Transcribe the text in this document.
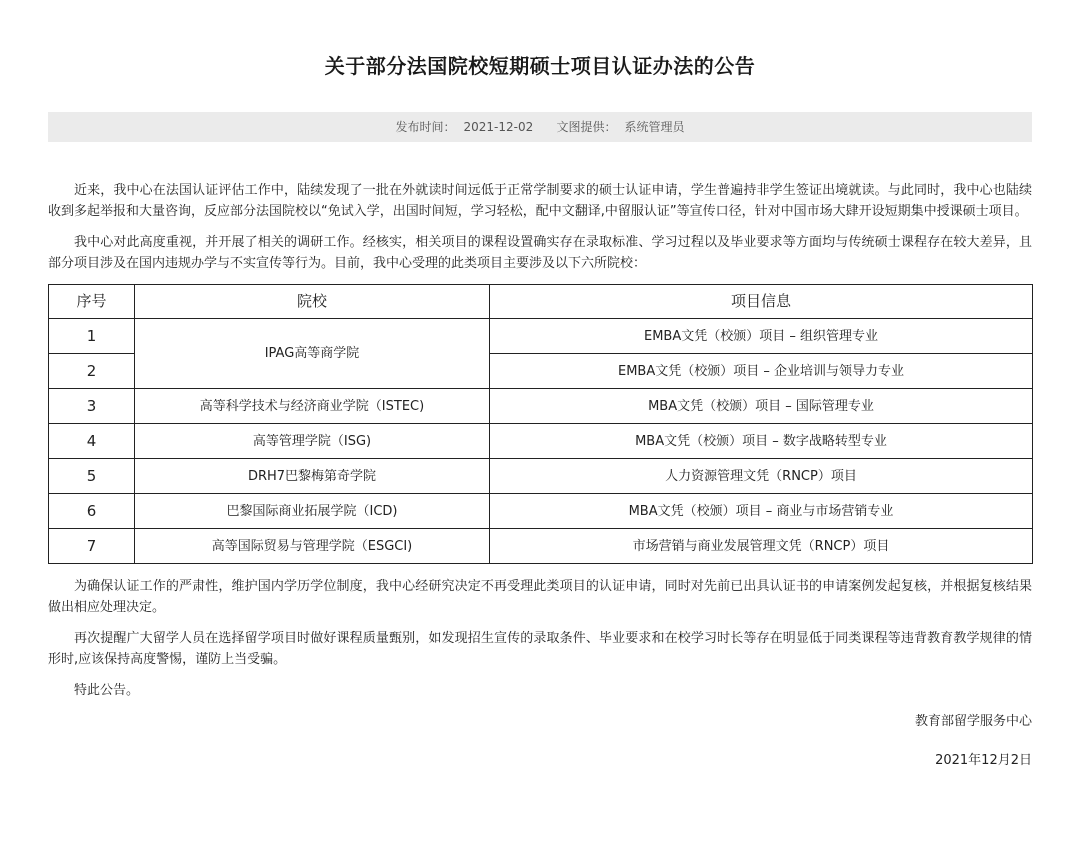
关于部分法国院校短期硕士项目认证办法的公告
发布时间： 2021-12-02 文图提供： 系统管理员

近来，我中心在法国认证评估工作中，陆续发现了一批在外就读时间远低于正常学制要求的硕士认证申请，学生普遍持非学生签证出境就读。与此同时，我中心也陆续收到多起举报和大量咨询，反应部分法国院校以“免试入学，出国时间短，学习轻松，配中文翻译,中留服认证”等宣传口径，针对中国市场大肆开设短期集中授课硕士项目。

我中心对此高度重视，并开展了相关的调研工作。经核实，相关项目的课程设置确实存在录取标准、学习过程以及毕业要求等方面均与传统硕士课程存在较大差异，且部分项目涉及在国内违规办学与不实宣传等行为。目前，我中心受理的此类项目主要涉及以下六所院校：

序号	院校	项目信息
1	IPAG高等商学院	EMBA文凭（校颁）项目 – 组织管理专业
2		EMBA文凭（校颁）项目 – 企业培训与领导力专业
3	高等科学技术与经济商业学院（ISTEC)	MBA文凭（校颁）项目 – 国际管理专业
4	高等管理学院（ISG)	MBA文凭（校颁）项目 – 数字战略转型专业
5	DRH7巴黎梅第奇学院	人力资源管理文凭（RNCP）项目
6	巴黎国际商业拓展学院（ICD)	MBA文凭（校颁）项目 – 商业与市场营销专业
7	高等国际贸易与管理学院（ESGCI)	市场营销与商业发展管理文凭（RNCP）项目

为确保认证工作的严肃性，维护国内学历学位制度，我中心经研究决定不再受理此类项目的认证申请，同时对先前已出具认证书的申请案例发起复核，并根据复核结果做出相应处理决定。

再次提醒广大留学人员在选择留学项目时做好课程质量甄别，如发现招生宣传的录取条件、毕业要求和在校学习时长等存在明显低于同类课程等违背教育教学规律的情形时,应该保持高度警惕，谨防上当受骗。

特此公告。

教育部留学服务中心
2021年12月2日
